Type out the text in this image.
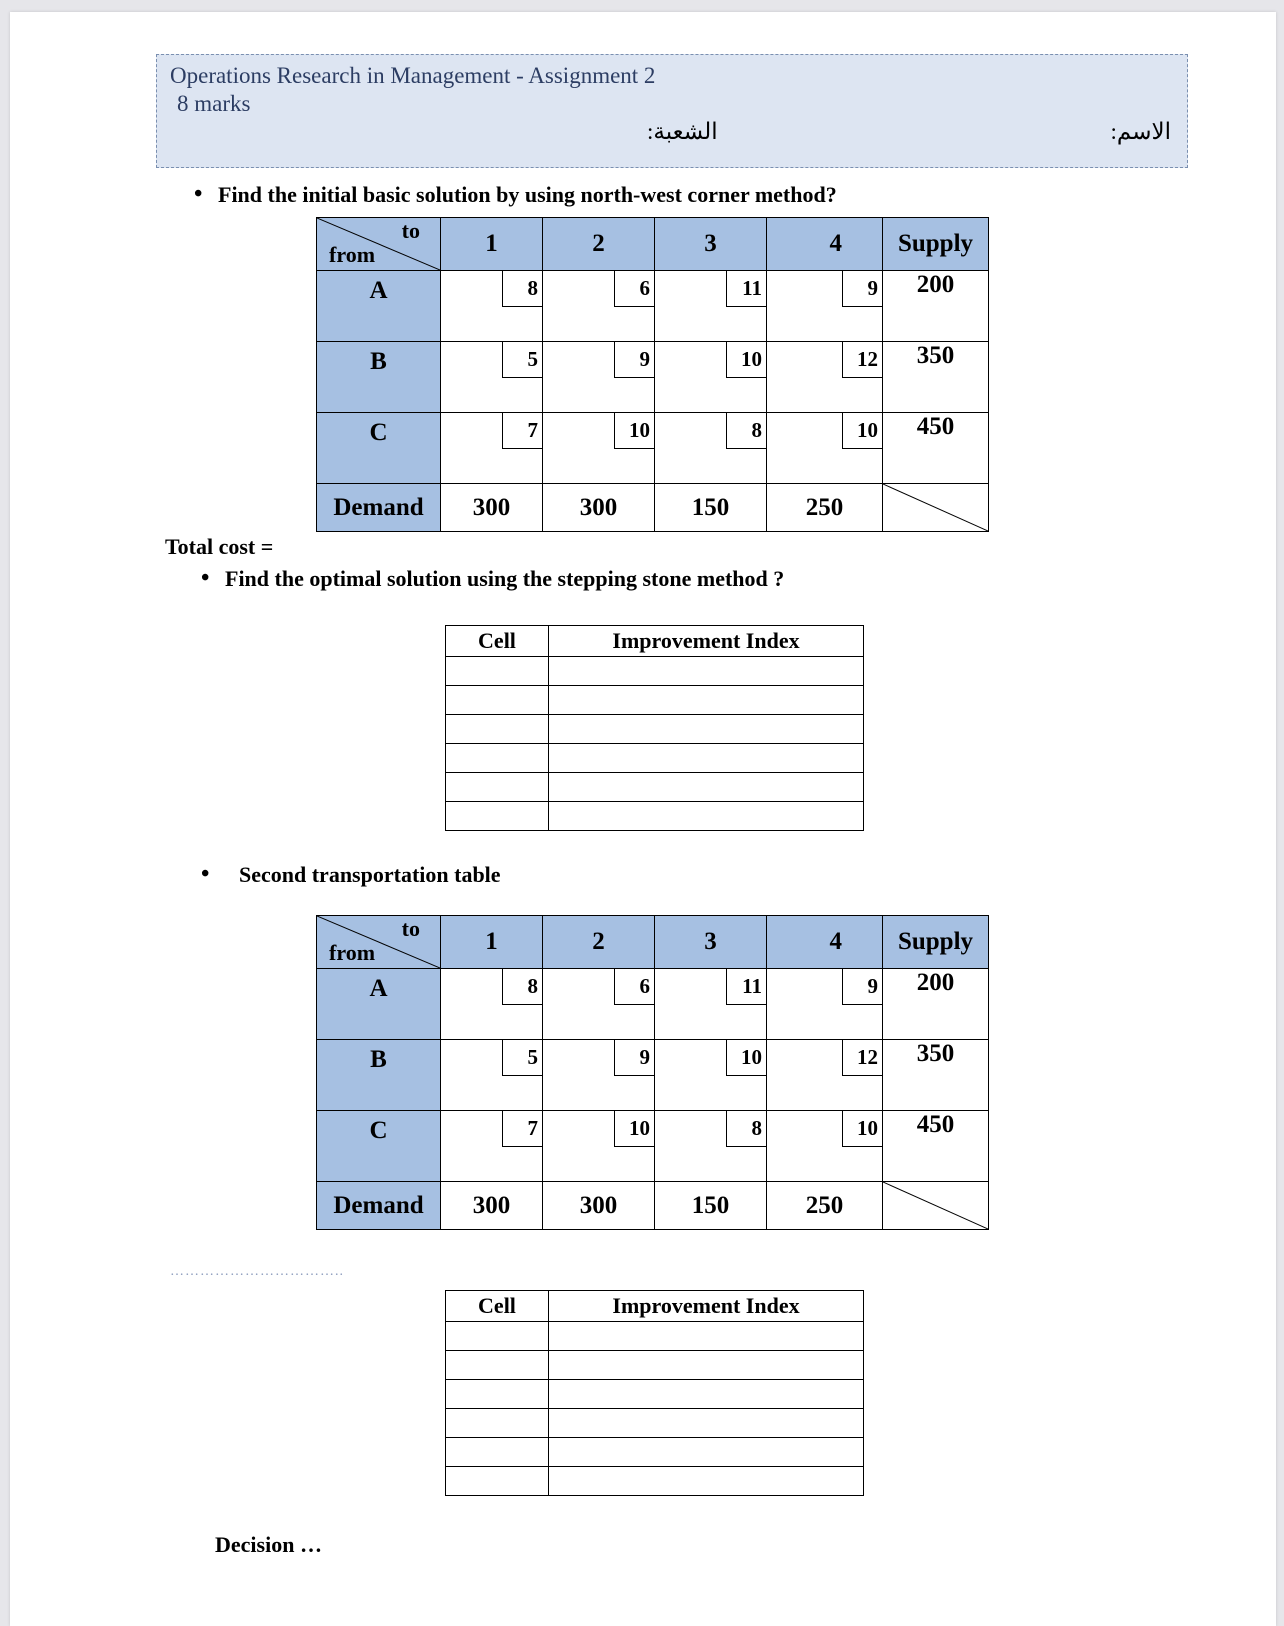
Operations Research in Management - Assignment 2
8 marks
الشعبة:	الاسم:
• Find the initial basic solution by using north-west corner method?
to
from	1	2	3	4	Supply
A	8	6	11	9	200
B	5	9	10	12	350
C	7	10	8	10	450
Demand	300	300	150	250	
Total cost =
• Find the optimal solution using the stepping stone method ?
Cell	Improvement Index

• Second transportation table
to
from	1	2	3	4	Supply
A	8	6	11	9	200
B	5	9	10	12	350
C	7	10	8	10	450
Demand	300	300	150	250	
……………………………..
Cell	Improvement Index

Decision …
